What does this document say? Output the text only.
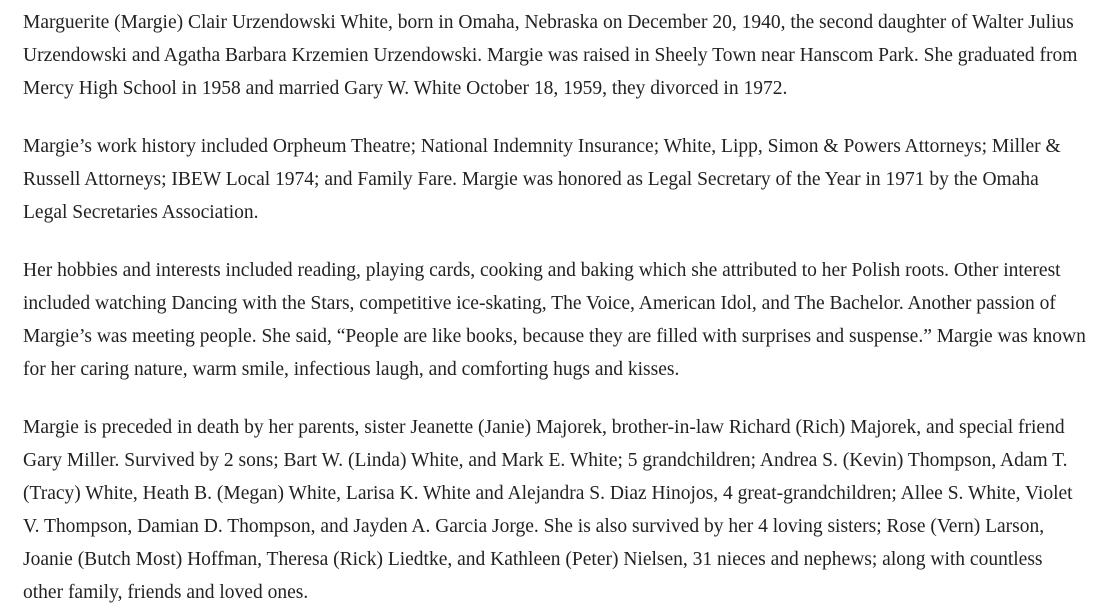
Marguerite (Margie) Clair Urzendowski White, born in Omaha, Nebraska on December 20, 1940, the second daughter of Walter Julius Urzendowski and Agatha Barbara Krzemien Urzendowski. Margie was raised in Sheely Town near Hanscom Park. She graduated from Mercy High School in 1958 and married Gary W. White October 18, 1959, they divorced in 1972.

Margie’s work history included Orpheum Theatre; National Indemnity Insurance; White, Lipp, Simon & Powers Attorneys; Miller & Russell Attorneys; IBEW Local 1974; and Family Fare. Margie was honored as Legal Secretary of the Year in 1971 by the Omaha Legal Secretaries Association.

Her hobbies and interests included reading, playing cards, cooking and baking which she attributed to her Polish roots. Other interest included watching Dancing with the Stars, competitive ice-skating, The Voice, American Idol, and The Bachelor. Another passion of Margie’s was meeting people. She said, “People are like books, because they are filled with surprises and suspense.” Margie was known for her caring nature, warm smile, infectious laugh, and comforting hugs and kisses.

Margie is preceded in death by her parents, sister Jeanette (Janie) Majorek, brother-in-law Richard (Rich) Majorek, and special friend Gary Miller. Survived by 2 sons; Bart W. (Linda) White, and Mark E. White; 5 grandchildren; Andrea S. (Kevin) Thompson, Adam T. (Tracy) White, Heath B. (Megan) White, Larisa K. White and Alejandra S. Diaz Hinojos, 4 great-grandchildren; Allee S. White, Violet V. Thompson, Damian D. Thompson, and Jayden A. Garcia Jorge. She is also survived by her 4 loving sisters; Rose (Vern) Larson, Joanie (Butch Most) Hoffman, Theresa (Rick) Liedtke, and Kathleen (Peter) Nielsen, 31 nieces and nephews; along with countless other family, friends and loved ones.
